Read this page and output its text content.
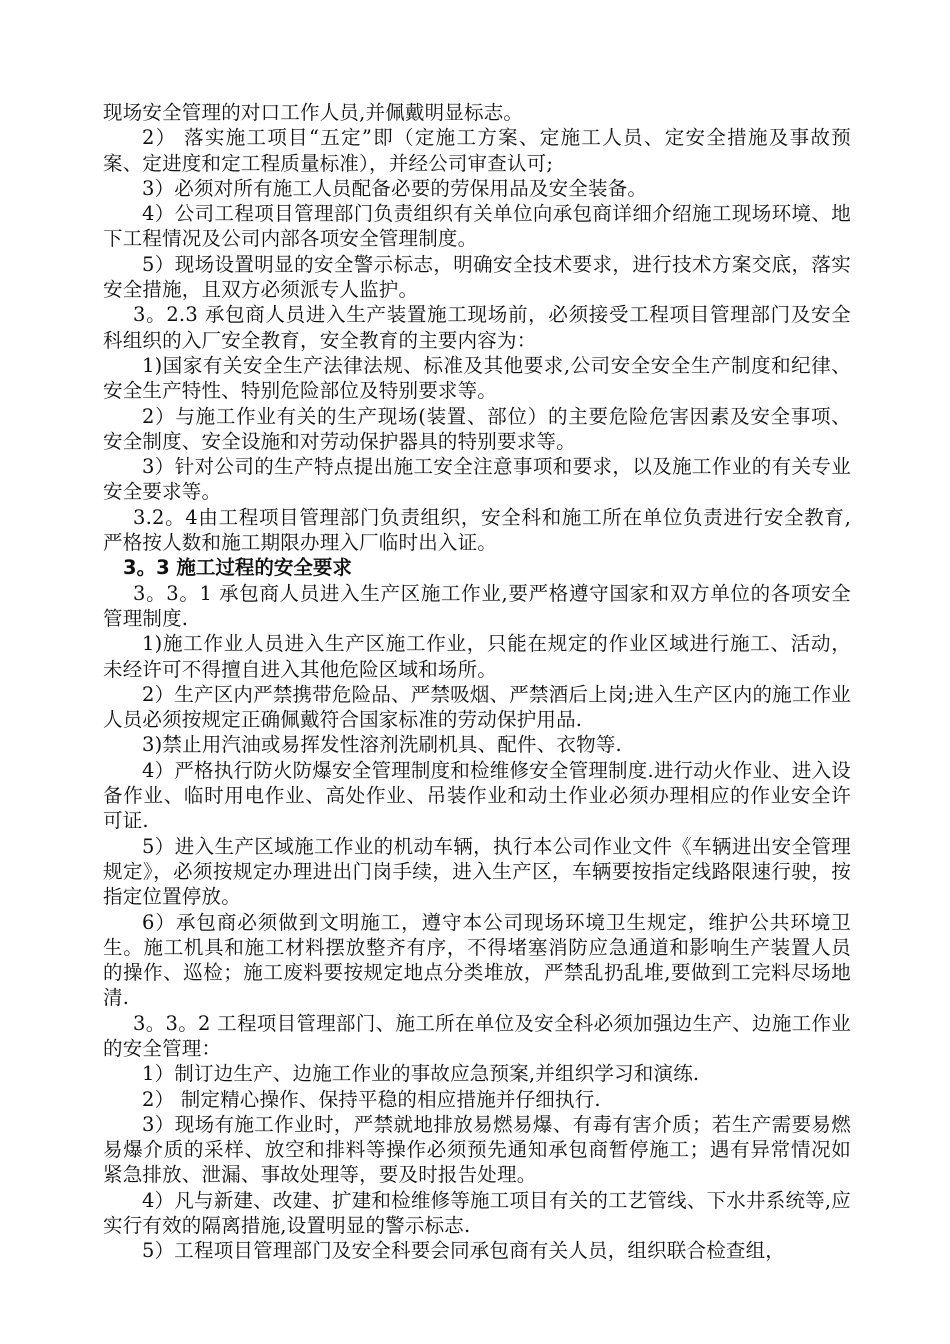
现场安全管理的对口工作人员,并佩戴明显标志。

2） 落实施工项目“五定”即（定施工方案、定施工人员、定安全措施及事故预案、定进度和定工程质量标准），并经公司审查认可;

3）必须对所有施工人员配备必要的劳保用品及安全装备。

4）公司工程项目管理部门负责组织有关单位向承包商详细介绍施工现场环境、地下工程情况及公司内部各项安全管理制度。

5）现场设置明显的安全警示标志，明确安全技术要求，进行技术方案交底，落实安全措施，且双方必须派专人监护。

3。2.3 承包商人员进入生产装置施工现场前，必须接受工程项目管理部门及安全科组织的入厂安全教育，安全教育的主要内容为：

1)国家有关安全生产法律法规、标准及其他要求,公司安全安全生产制度和纪律、安全生产特性、特别危险部位及特别要求等。

2）与施工作业有关的生产现场(装置、部位）的主要危险危害因素及安全事项、安全制度、安全设施和对劳动保护器具的特别要求等。

3）针对公司的生产特点提出施工安全注意事项和要求，以及施工作业的有关专业安全要求等。

3.2。4由工程项目管理部门负责组织，安全科和施工所在单位负责进行安全教育,严格按人数和施工期限办理入厂临时出入证。

3。3 施工过程的安全要求

3。3。1 承包商人员进入生产区施工作业,要严格遵守国家和双方单位的各项安全管理制度.

1)施工作业人员进入生产区施工作业，只能在规定的作业区域进行施工、活动，未经许可不得擅自进入其他危险区域和场所。

2）生产区内严禁携带危险品、严禁吸烟、严禁酒后上岗;进入生产区内的施工作业人员必须按规定正确佩戴符合国家标准的劳动保护用品.

3)禁止用汽油或易挥发性溶剂洗刷机具、配件、衣物等.

4）严格执行防火防爆安全管理制度和检维修安全管理制度.进行动火作业、进入设备作业、临时用电作业、高处作业、吊装作业和动土作业必须办理相应的作业安全许可证.

5）进入生产区域施工作业的机动车辆，执行本公司作业文件《车辆进出安全管理规定》，必须按规定办理进出门岗手续，进入生产区，车辆要按指定线路限速行驶，按指定位置停放。

6）承包商必须做到文明施工，遵守本公司现场环境卫生规定，维护公共环境卫生。施工机具和施工材料摆放整齐有序，不得堵塞消防应急通道和影响生产装置人员的操作、巡检；施工废料要按规定地点分类堆放，严禁乱扔乱堆,要做到工完料尽场地清.

3。3。2 工程项目管理部门、施工所在单位及安全科必须加强边生产、边施工作业的安全管理：

1）制订边生产、边施工作业的事故应急预案,并组织学习和演练.

2） 制定精心操作、保持平稳的相应措施并仔细执行.

3）现场有施工作业时，严禁就地排放易燃易爆、有毒有害介质；若生产需要易燃易爆介质的采样、放空和排料等操作必须预先通知承包商暂停施工；遇有异常情况如紧急排放、泄漏、事故处理等，要及时报告处理。

4）凡与新建、改建、扩建和检维修等施工项目有关的工艺管线、下水井系统等,应实行有效的隔离措施,设置明显的警示标志.

5）工程项目管理部门及安全科要会同承包商有关人员，组织联合检查组，
